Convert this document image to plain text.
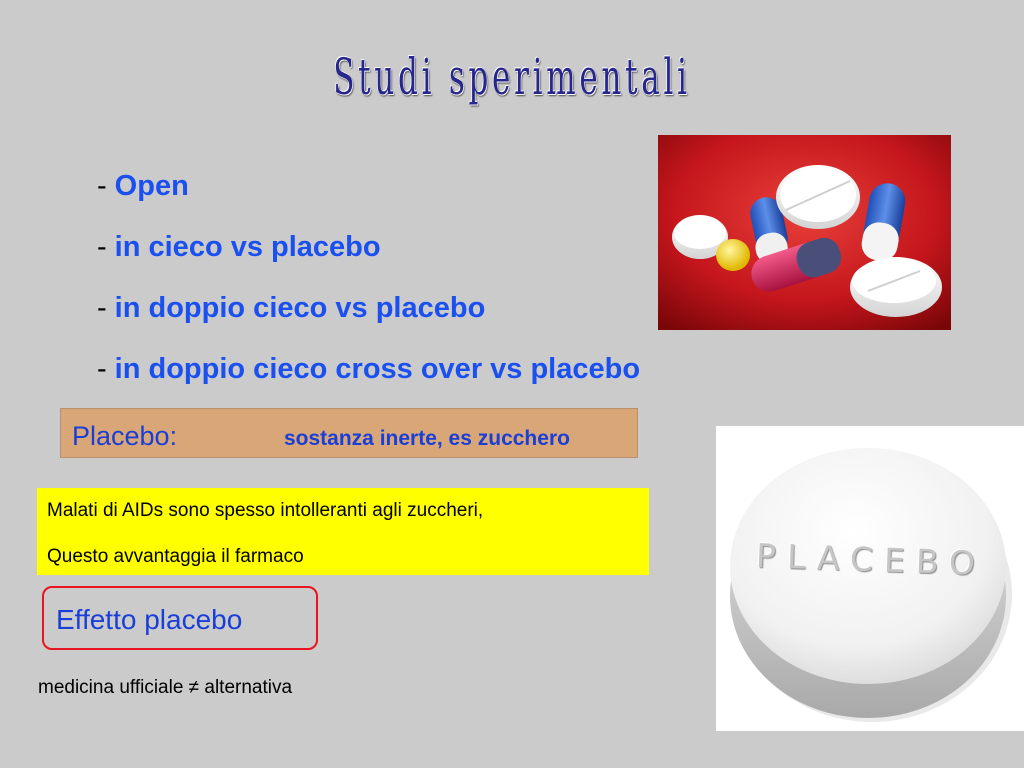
Studi sperimentali
- Open
- in cieco vs placebo
- in doppio cieco vs placebo
- in doppio cieco cross over vs placebo
Placebo:	sostanza inerte, es zucchero
Malati di AIDs sono spesso intolleranti agli zuccheri,
Questo avvantaggia il farmaco
Effetto placebo
medicina ufficiale ≠ alternativa
PLACEBO
